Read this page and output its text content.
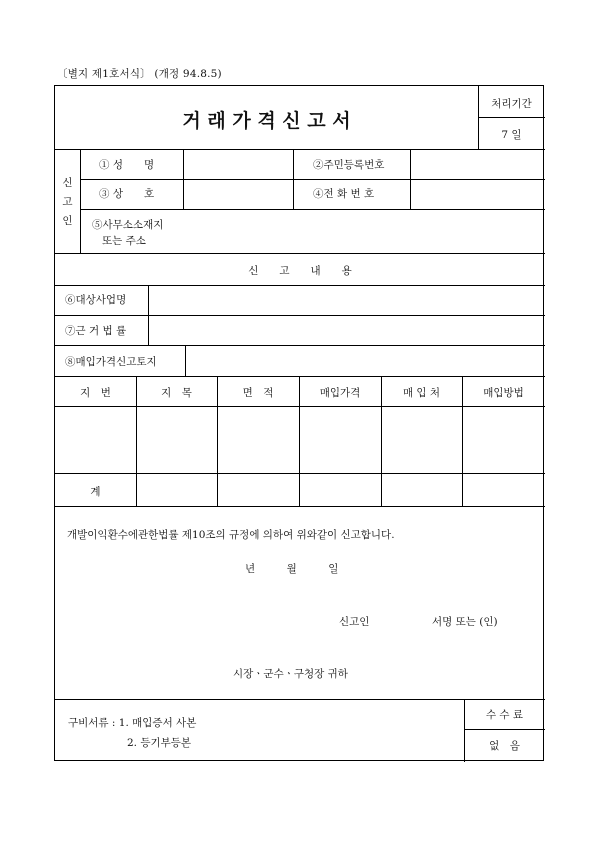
〔별지 제1호서식〕 (개정 94.8.5)
거 래 가 격 신 고 서
처리기간
7 일
신
고
인
① 성　　명	②주민등록번호
③ 상　　호	④전 화 번 호
⑤사무소소재지
또는 주소
신　　고　　내　　용
⑥대상사업명
⑦근 거 법 률
⑧매입가격신고토지
지　번	지　목	면　적	매입가격	매 입 처	매입방법
계
개발이익환수에관한법률 제10조의 규정에 의하여 위와같이 신고합니다.
년　　　월　　　일
신고인	서명 또는 (인)
시장ㆍ군수ㆍ구청장 귀하
구비서류 : 1. 매입증서 사본
2. 등기부등본
수 수 료
없　음
